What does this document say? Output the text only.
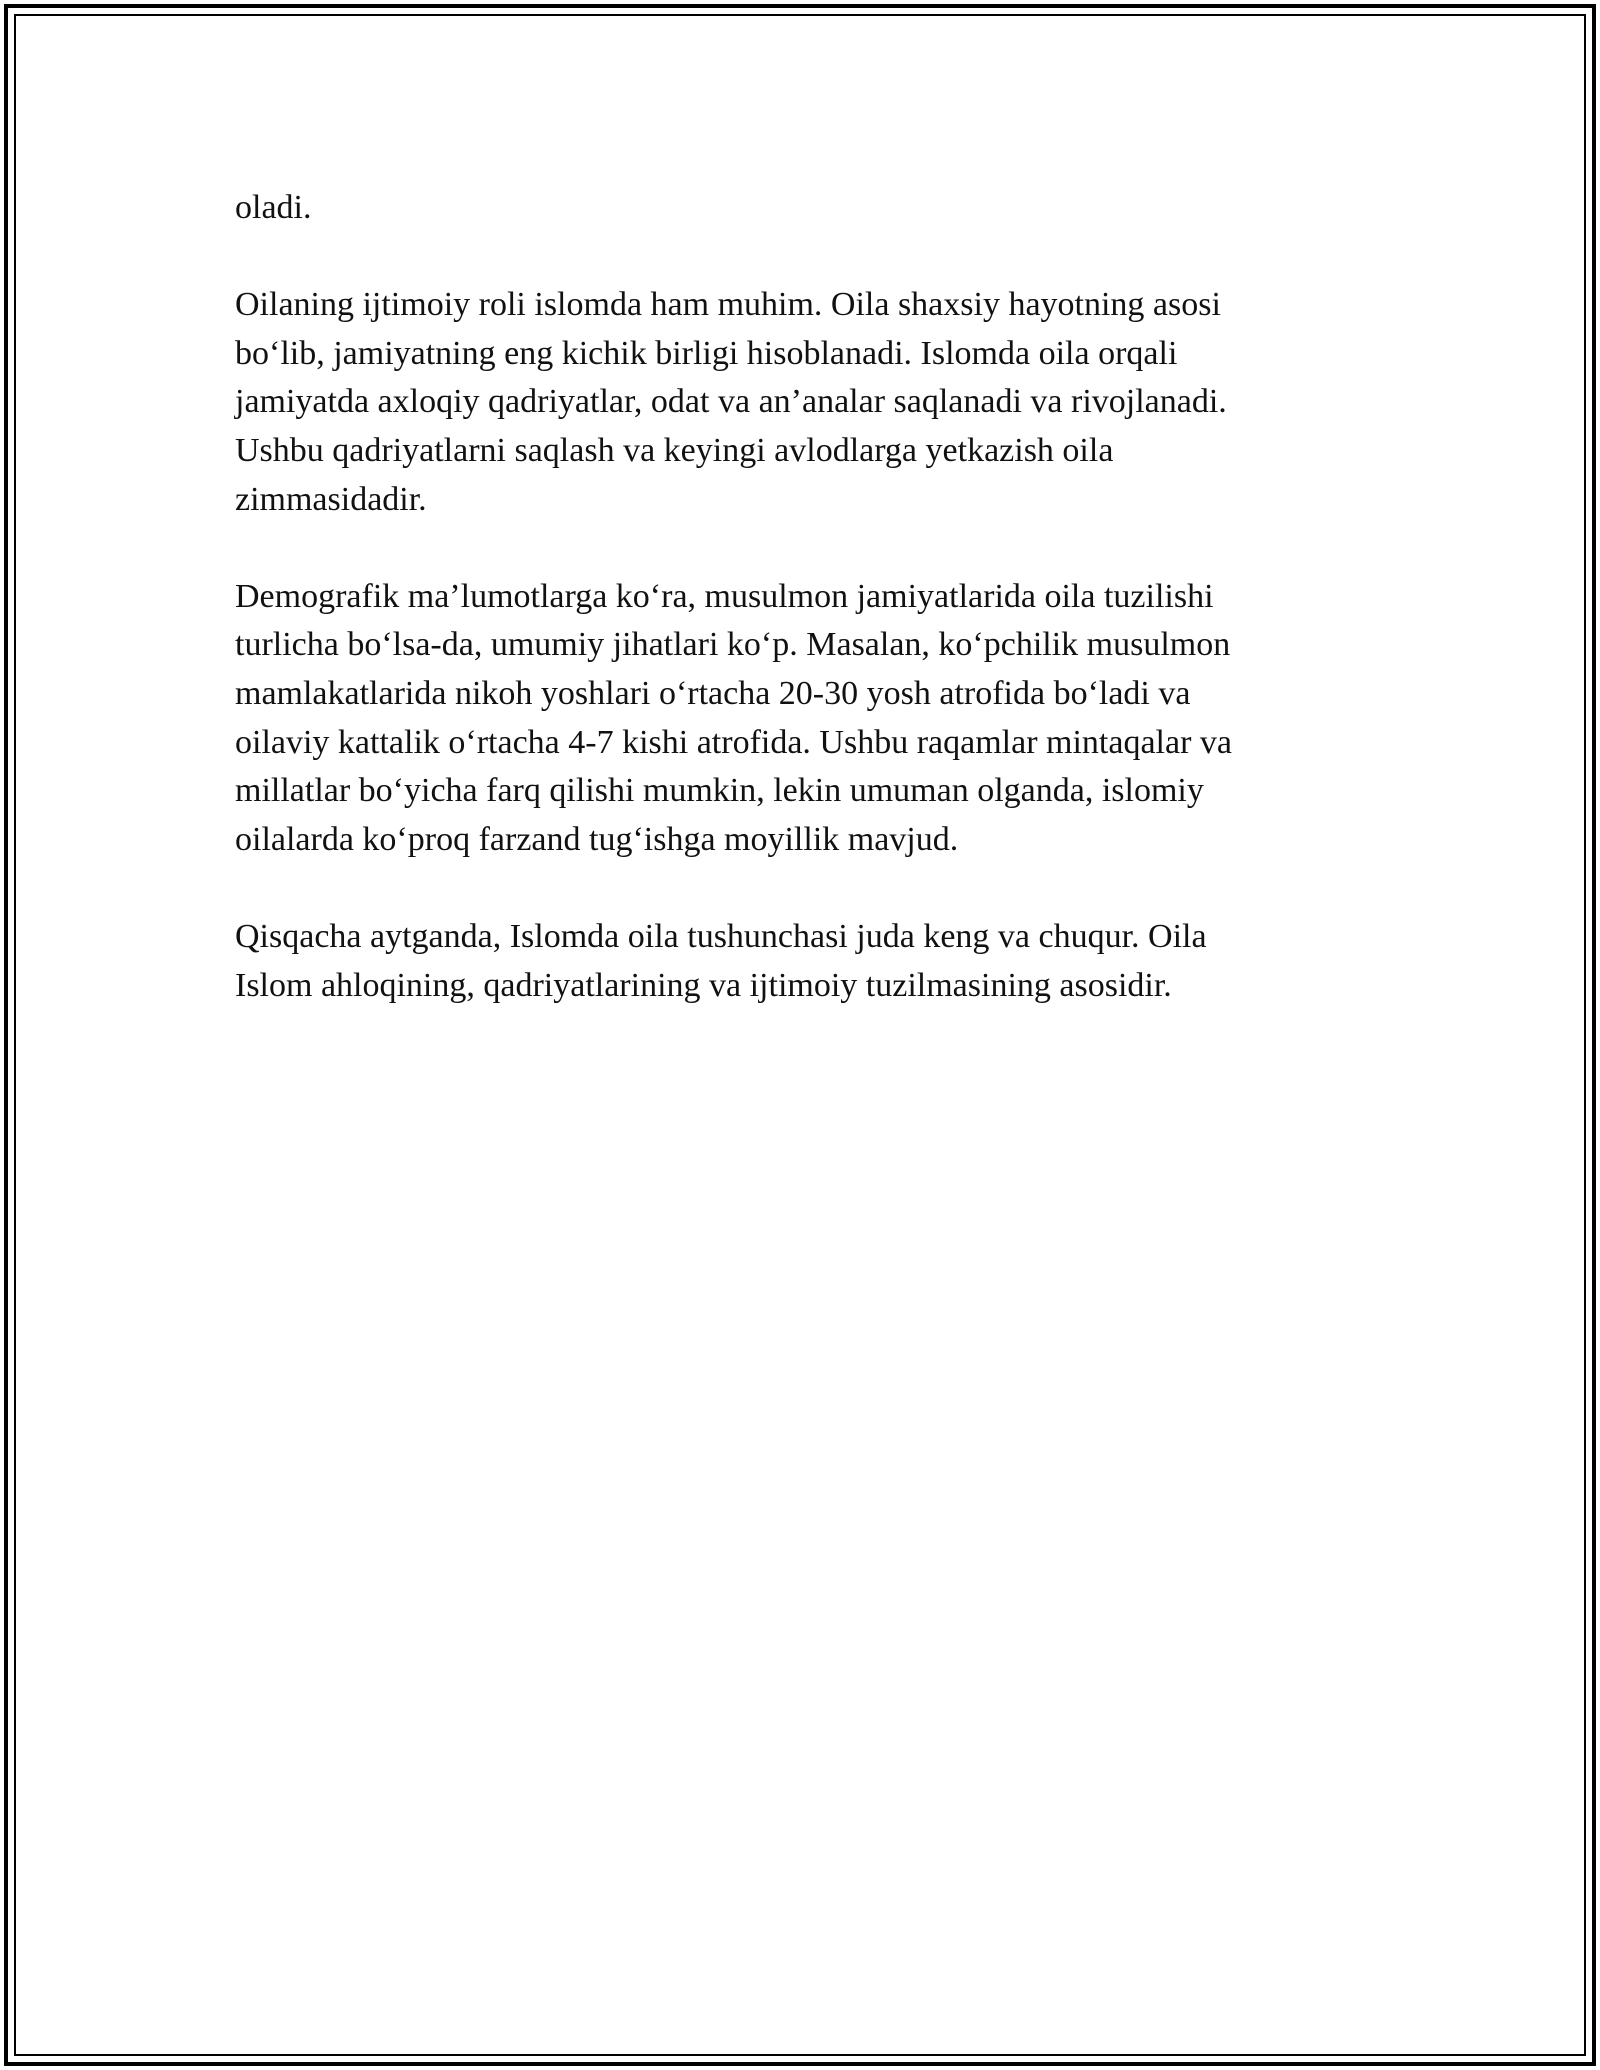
oladi.

Oilaning ijtimoiy roli islomda ham muhim. Oila shaxsiy hayotning asosi
bo‘lib, jamiyatning eng kichik birligi hisoblanadi. Islomda oila orqali
jamiyatda axloqiy qadriyatlar, odat va an’analar saqlanadi va rivojlanadi.
Ushbu qadriyatlarni saqlash va keyingi avlodlarga yetkazish oila
zimmasidadir.

Demografik ma’lumotlarga ko‘ra, musulmon jamiyatlarida oila tuzilishi
turlicha bo‘lsa-da, umumiy jihatlari ko‘p. Masalan, ko‘pchilik musulmon
mamlakatlarida nikoh yoshlari o‘rtacha 20-30 yosh atrofida bo‘ladi va
oilaviy kattalik o‘rtacha 4-7 kishi atrofida. Ushbu raqamlar mintaqalar va
millatlar bo‘yicha farq qilishi mumkin, lekin umuman olganda, islomiy
oilalarda ko‘proq farzand tug‘ishga moyillik mavjud.

Qisqacha aytganda, Islomda oila tushunchasi juda keng va chuqur. Oila
Islom ahloqining, qadriyatlarining va ijtimoiy tuzilmasining asosidir.
